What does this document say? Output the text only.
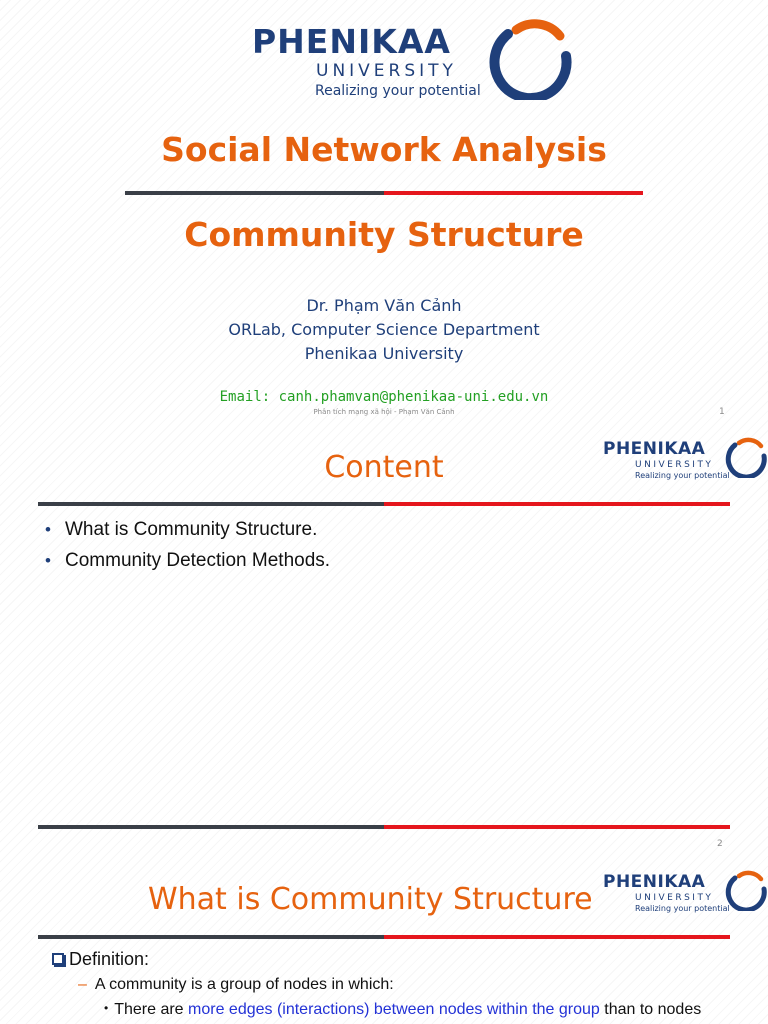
PHENIKAA
UNIVERSITY
Realizing your potential
Social Network Analysis
Community Structure
Dr. Phạm Văn Cảnh
ORLab, Computer Science Department
Phenikaa University
Email: canh.phamvan@phenikaa-uni.edu.vn
Phân tích mạng xã hội - Phạm Văn Cảnh	1
PHENIKAA
UNIVERSITY
Realizing your potential
Content
• What is Community Structure.
• Community Detection Methods.
2
PHENIKAA
UNIVERSITY
Realizing your potential
What is Community Structure
Definition:
– A community is a group of nodes in which:
• There are more edges (interactions) between nodes within the group than to nodes
